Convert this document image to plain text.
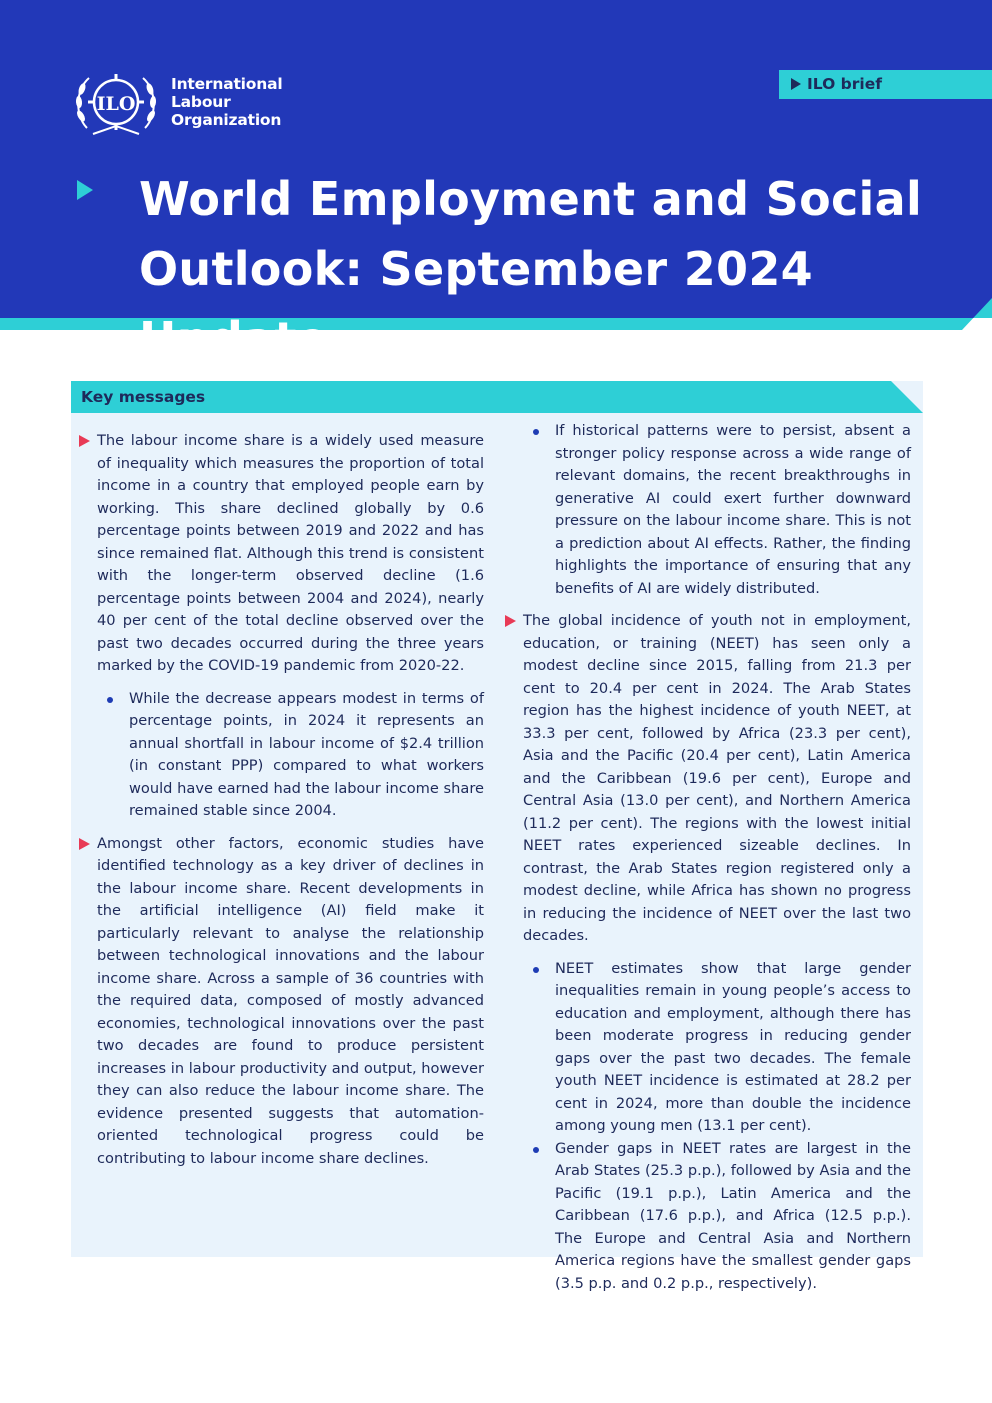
ILO
International
Labour
Organization
ILO brief
World Employment and Social Outlook: September 2024 Update
Key messages

The labour income share is a widely used measure of inequality which measures the proportion of total income in a country that employed people earn by working. This share declined globally by 0.6 percentage points between 2019 and 2022 and has since remained flat. Although this trend is consistent with the longer-term observed decline (1.6 percentage points between 2004 and 2024), nearly 40 per cent of the total decline observed over the past two decades occurred during the three years marked by the COVID-19 pandemic from 2020-22.

While the decrease appears modest in terms of percentage points, in 2024 it represents an annual shortfall in labour income of $2.4 trillion (in constant PPP) compared to what workers would have earned had the labour income share remained stable since 2004.

Amongst other factors, economic studies have identified technology as a key driver of declines in the labour income share. Recent developments in the artificial intelligence (AI) field make it particularly relevant to analyse the relationship between technological innovations and the labour income share. Across a sample of 36 countries with the required data, composed of mostly advanced economies, technological innovations over the past two decades are found to produce persistent increases in labour productivity and output, however they can also reduce the labour income share. The evidence presented suggests that automation-oriented technological progress could be contributing to labour income share declines.

If historical patterns were to persist, absent a stronger policy response across a wide range of relevant domains, the recent breakthroughs in generative AI could exert further downward pressure on the labour income share. This is not a prediction about AI effects. Rather, the finding highlights the importance of ensuring that any benefits of AI are widely distributed.

The global incidence of youth not in employment, education, or training (NEET) has seen only a modest decline since 2015, falling from 21.3 per cent to 20.4 per cent in 2024. The Arab States region has the highest incidence of youth NEET, at 33.3 per cent, followed by Africa (23.3 per cent), Asia and the Pacific (20.4 per cent), Latin America and the Caribbean (19.6 per cent), Europe and Central Asia (13.0 per cent), and Northern America (11.2 per cent). The regions with the lowest initial NEET rates experienced sizeable declines. In contrast, the Arab States region registered only a modest decline, while Africa has shown no progress in reducing the incidence of NEET over the last two decades.

NEET estimates show that large gender inequalities remain in young people’s access to education and employment, although there has been moderate progress in reducing gender gaps over the past two decades. The female youth NEET incidence is estimated at 28.2 per cent in 2024, more than double the incidence among young men (13.1 per cent).

Gender gaps in NEET rates are largest in the Arab States (25.3 p.p.), followed by Asia and the Pacific (19.1 p.p.), Latin America and the Caribbean (17.6 p.p.), and Africa (12.5 p.p.). The Europe and Central Asia and Northern America regions have the smallest gender gaps (3.5 p.p. and 0.2 p.p., respectively).
